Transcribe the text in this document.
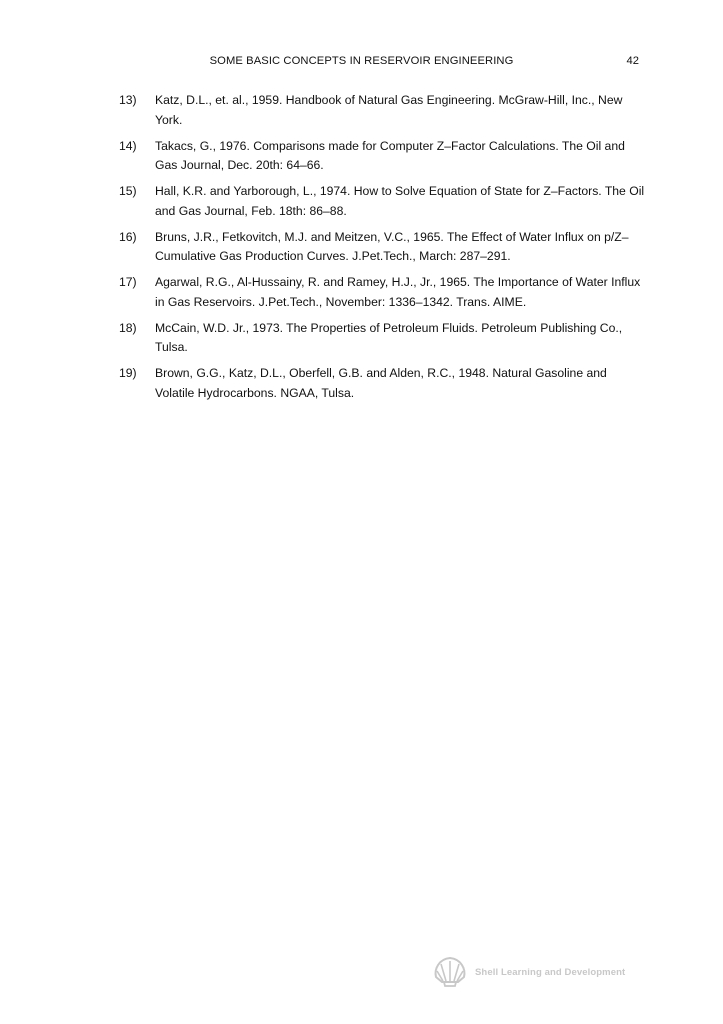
SOME BASIC CONCEPTS IN RESERVOIR ENGINEERING	42
13) Katz, D.L., et. al., 1959. Handbook of Natural Gas Engineering. McGraw-Hill, Inc., New York.
14) Takacs, G., 1976. Comparisons made for Computer Z–Factor Calculations. The Oil and Gas Journal, Dec. 20th: 64–66.
15) Hall, K.R. and Yarborough, L., 1974. How to Solve Equation of State for Z–Factors. The Oil and Gas Journal, Feb. 18th: 86–88.
16) Bruns, J.R., Fetkovitch, M.J. and Meitzen, V.C., 1965. The Effect of Water Influx on p/Z–Cumulative Gas Production Curves. J.Pet.Tech., March: 287–291.
17) Agarwal, R.G., Al-Hussainy, R. and Ramey, H.J., Jr., 1965. The Importance of Water Influx in Gas Reservoirs. J.Pet.Tech., November: 1336–1342. Trans. AIME.
18) McCain, W.D. Jr., 1973. The Properties of Petroleum Fluids. Petroleum Publishing Co., Tulsa.
19) Brown, G.G., Katz, D.L., Oberfell, G.B. and Alden, R.C., 1948. Natural Gasoline and Volatile Hydrocarbons. NGAA, Tulsa.
Shell Learning and Development
